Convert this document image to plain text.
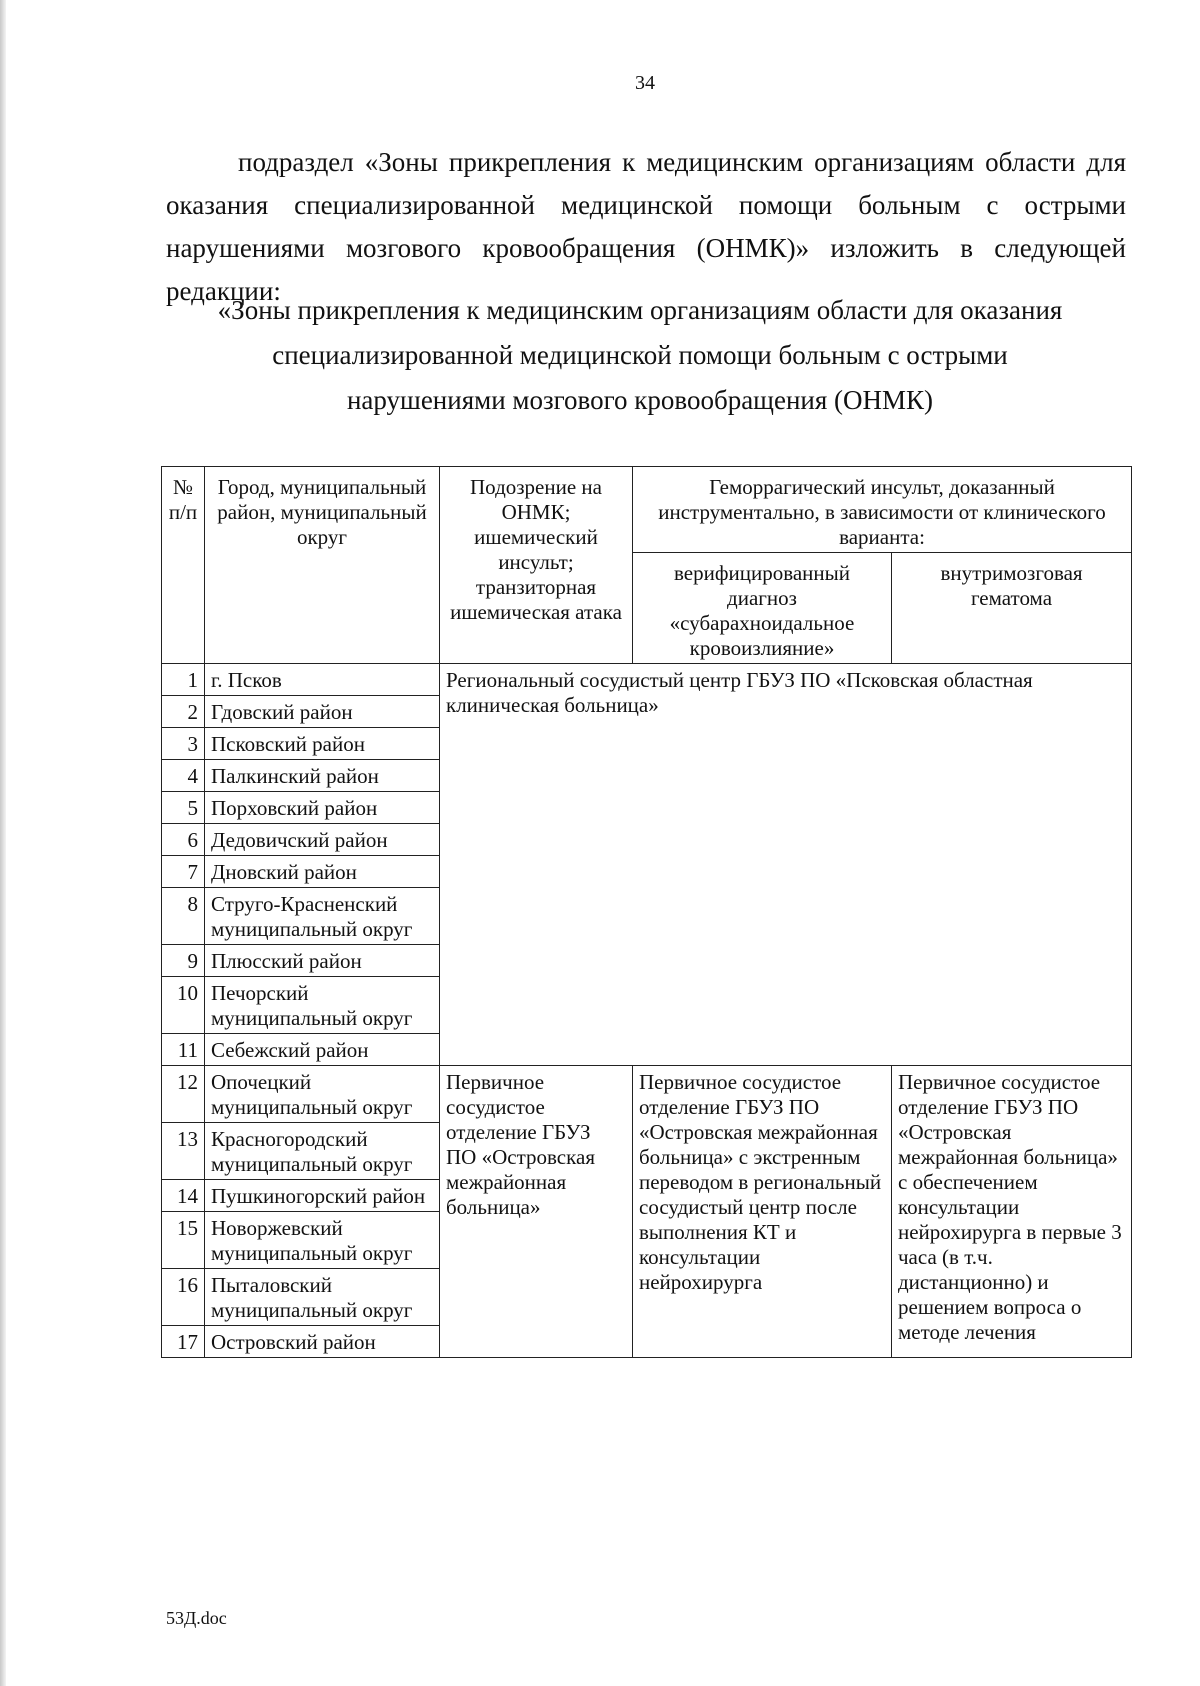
34

подраздел «Зоны прикрепления к медицинским организациям области для оказания специализированной медицинской помощи больным с острыми нарушениями мозгового кровообращения (ОНМК)» изложить в следующей редакции:

«Зоны прикрепления к медицинским организациям области для оказания
специализированной медицинской помощи больным с острыми
нарушениями мозгового кровообращения (ОНМК)
№ п/п	Город, муниципальный район, муниципальный округ	Подозрение на ОНМК; ишемический инсульт; транзиторная ишемическая атака	Геморрагический инсульт, доказанный инструментально, в зависимости от клинического варианта:	
			верифицированный диагноз «субарахноидальное кровоизлияние»	внутримозговая гематома
1	г. Псков	Региональный сосудистый центр ГБУЗ ПО «Псковская областная клиническая больница»		
2	Гдовский район			
3	Псковский район			
4	Палкинский район			
5	Порховский район			
6	Дедовичский район			
7	Дновский район			
8	Струго-Красненский муниципальный округ			
9	Плюсский район			
10	Печорский муниципальный округ			
11	Себежский район			
12	Опочецкий муниципальный округ	Первичное сосудистое отделение ГБУЗ ПО «Островская межрайонная больница»	Первичное сосудистое отделение ГБУЗ ПО «Островская межрайонная больница» с экстренным переводом в региональный сосудистый центр после выполнения КТ и консультации нейрохирурга	Первичное сосудистое отделение ГБУЗ ПО «Островская межрайонная больница» с обеспечением консультации нейрохирурга в первые 3 часа (в т.ч. дистанционно) и решением вопроса о методе лечения
13	Красногородский муниципальный округ			
14	Пушкиногорский район			
15	Новоржевский муниципальный округ			
16	Пыталовский муниципальный округ			
17	Островский район			
53Д.doc
